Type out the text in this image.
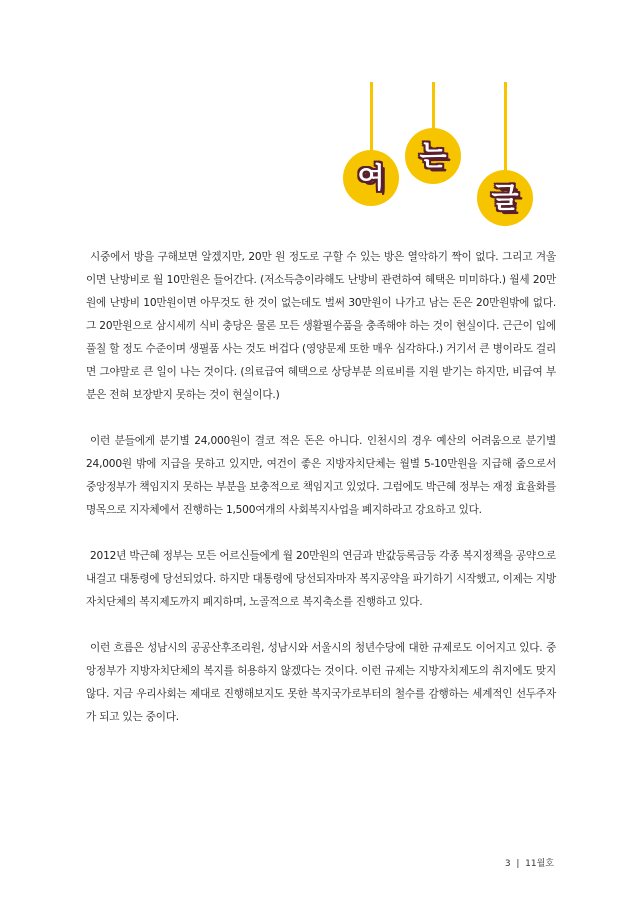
여
는
글

시중에서 방을 구해보면 알겠지만, 20만 원 정도로 구할 수 있는 방은 열악하기 짝이 없다. 그리고 겨울이면 난방비로 월 10만원은 들어간다. (저소득층이라해도 난방비 관련하여 혜택은 미미하다.) 월세 20만원에 난방비 10만원이면 아무것도 한 것이 없는데도 벌써 30만원이 나가고 남는 돈은 20만원밖에 없다. 그 20만원으로 삼시세끼 식비 충당은 물론 모든 생활필수품을 충족해야 하는 것이 현실이다. 근근이 입에 풀칠 할 정도 수준이며 생필품 사는 것도 버겁다 (영양문제 또한 매우 심각하다.) 거기서 큰 병이라도 걸리면 그야말로 큰 일이 나는 것이다. (의료급여 혜택으로 상당부분 의료비를 지원 받기는 하지만, 비급여 부분은 전혀 보장받지 못하는 것이 현실이다.)

이런 분들에게 분기별 24,000원이 결코 적은 돈은 아니다. 인천시의 경우 예산의 어려움으로 분기별 24,000원 밖에 지급을 못하고 있지만, 여건이 좋은 지방자치단체는 월별 5-10만원을 지급해 줌으로서 중앙정부가 책임지지 못하는 부분을 보충적으로 책임지고 있었다. 그럼에도 박근혜 정부는 재정 효율화를 명목으로 지자체에서 진행하는 1,500여개의 사회복지사업을 폐지하라고 강요하고 있다.

2012년 박근혜 정부는 모든 어르신들에게 월 20만원의 연금과 반값등록금등 각종 복지정책을 공약으로 내걸고 대통령에 당선되었다. 하지만 대통령에 당선되자마자 복지공약을 파기하기 시작했고, 이제는 지방자치단체의 복지제도까지 폐지하며, 노골적으로 복지축소를 진행하고 있다.

이런 흐름은 성남시의 공공산후조리원, 성남시와 서울시의 청년수당에 대한 규제로도 이어지고 있다. 중앙정부가 지방자치단체의 복지를 허용하지 않겠다는 것이다. 이런 규제는 지방자치제도의 취지에도 맞지 않다. 지금 우리사회는 제대로 진행해보지도 못한 복지국가로부터의 철수를 감행하는 세계적인 선두주자가 되고 있는 중이다.

3  |  11월호
